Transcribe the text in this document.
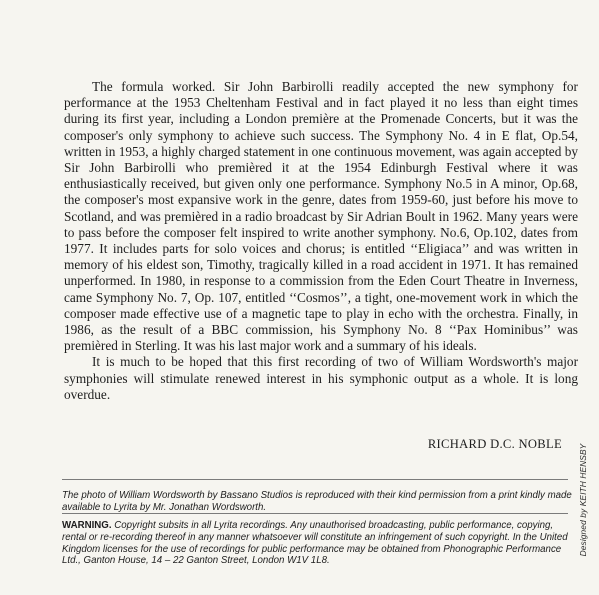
The formula worked. Sir John Barbirolli readily accepted the new symphony for performance at the 1953 Cheltenham Festival and in fact played it no less than eight times during its first year, including a London première at the Promenade Concerts, but it was the composer's only symphony to achieve such success. The Symphony No. 4 in E flat, Op.54, written in 1953, a highly charged statement in one continuous movement, was again accepted by Sir John Barbirolli who premièred it at the 1954 Edinburgh Festival where it was enthusiastically received, but given only one performance. Symphony No.5 in A minor, Op.68, the composer's most expansive work in the genre, dates from 1959-60, just before his move to Scotland, and was premièred in a radio broadcast by Sir Adrian Boult in 1962. Many years were to pass before the composer felt inspired to write another symphony. No.6, Op.102, dates from 1977. It includes parts for solo voices and chorus; is entitled ‘‘Eligiaca’’ and was written in memory of his eldest son, Timothy, tragically killed in a road accident in 1971. It has remained unperformed. In 1980, in response to a commission from the Eden Court Theatre in Inverness, came Symphony No. 7, Op. 107, entitled ‘‘Cosmos’’, a tight, one-movement work in which the composer made effective use of a magnetic tape to play in echo with the orchestra. Finally, in 1986, as the result of a BBC commission, his Symphony No. 8 ‘‘Pax Hominibus’’ was premièred in Sterling. It was his last major work and a summary of his ideals.

It is much to be hoped that this first recording of two of William Wordsworth's major symphonies will stimulate renewed interest in his symphonic output as a whole. It is long overdue.

RICHARD D.C. NOBLE
The photo of William Wordsworth by Bassano Studios is reproduced with their kind permission from a print kindly made available to Lyrita by Mr. Jonathan Wordsworth.
WARNING. Copyright subsits in all Lyrita recordings. Any unauthorised broadcasting, public performance, copying, rental or re-recording thereof in any manner whatsoever will constitute an infringement of such copyright. In the United Kingdom licenses for the use of recordings for public performance may be obtained from Phonographic Performance Ltd., Ganton House, 14 – 22 Ganton Street, London W1V 1L8.
Designed by KEITH HENSBY
